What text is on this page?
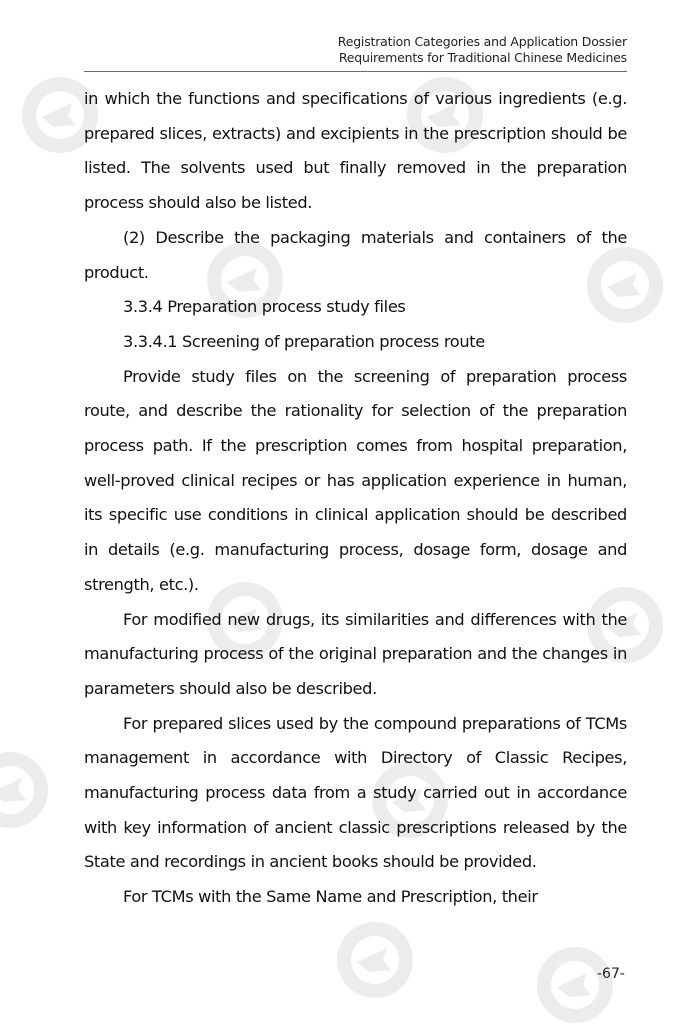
Registration Categories and Application Dossier
Requirements for Traditional Chinese Medicines

in which the functions and specifications of various ingredients (e.g. prepared slices, extracts) and excipients in the prescription should be listed. The solvents used but finally removed in the preparation process should also be listed.

(2) Describe the packaging materials and containers of the product.

3.3.4 Preparation process study files

3.3.4.1 Screening of preparation process route

Provide study files on the screening of preparation process route, and describe the rationality for selection of the preparation process path. If the prescription comes from hospital preparation, well-proved clinical recipes or has application experience in human, its specific use conditions in clinical application should be described in details (e.g. manufacturing process, dosage form, dosage and strength, etc.).

For modified new drugs, its similarities and differences with the manufacturing process of the original preparation and the changes in parameters should also be described.

For prepared slices used by the compound preparations of TCMs management in accordance with Directory of Classic Recipes, manufacturing process data from a study carried out in accordance with key information of ancient classic prescriptions released by the State and recordings in ancient books should be provided.

For TCMs with the Same Name and Prescription, their

-67-
